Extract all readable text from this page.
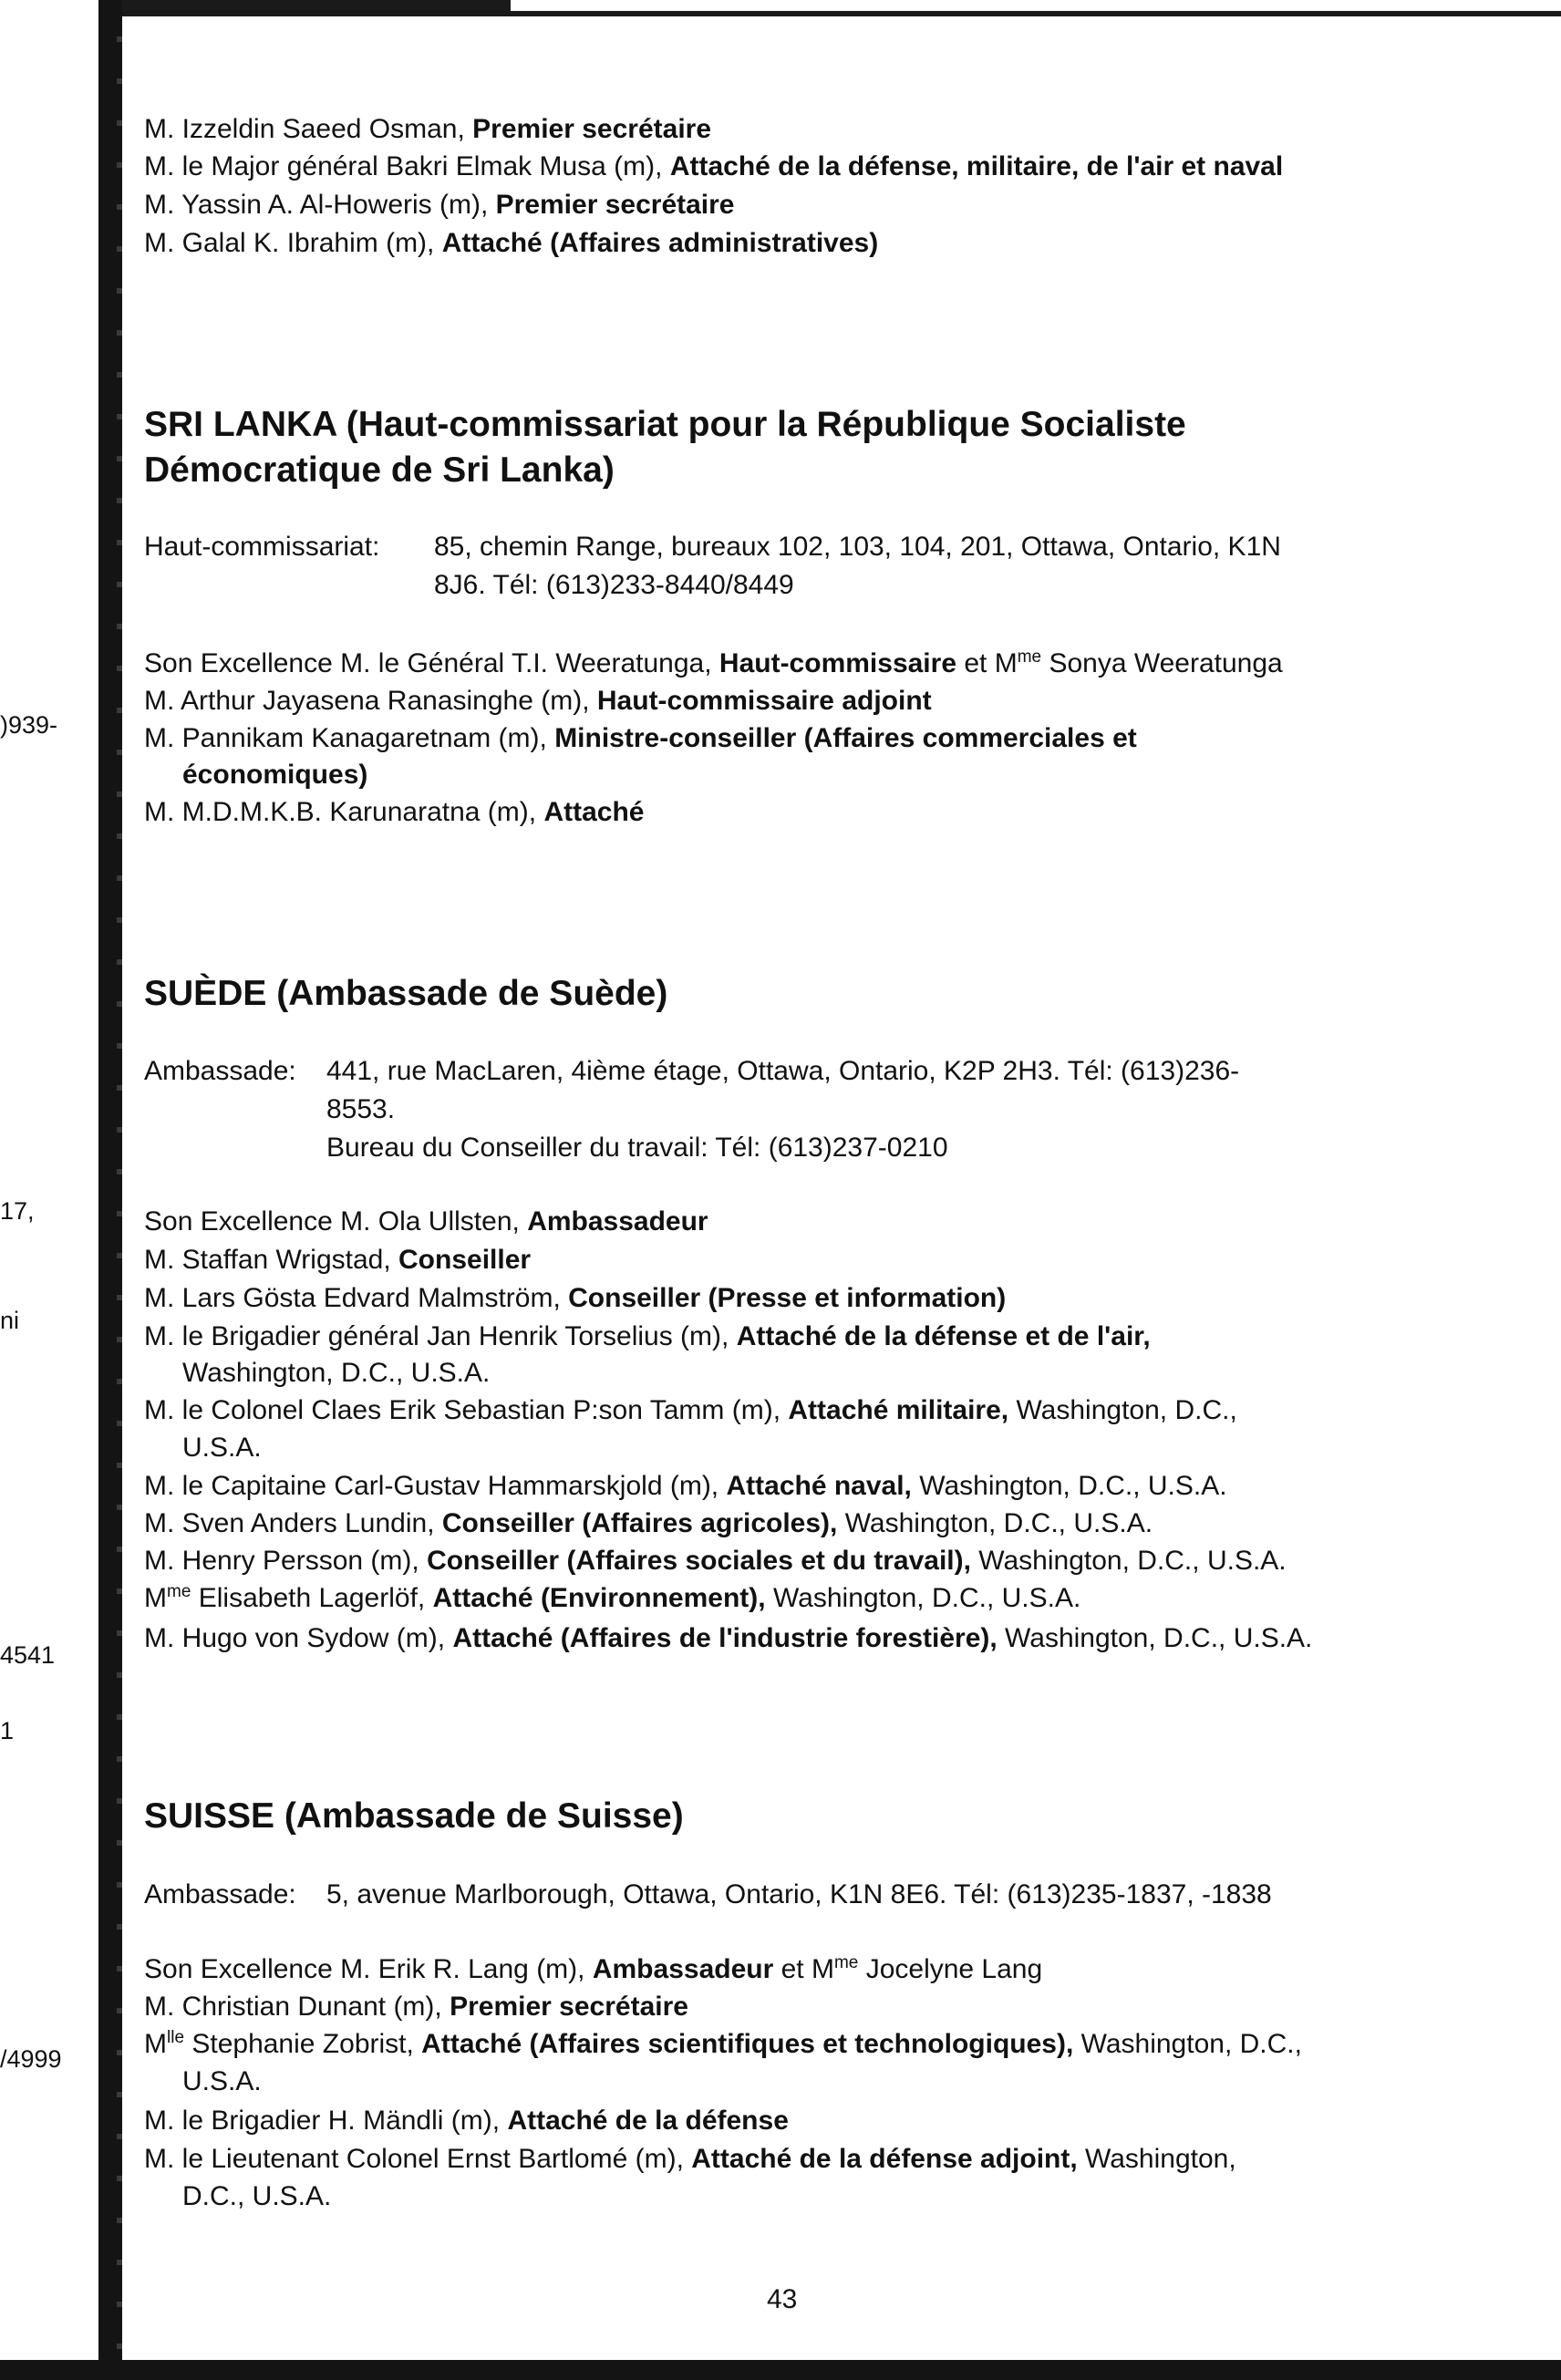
)939-
17,
ni
4541
1
/4999
M. Izzeldin Saeed Osman, Premier secrétaire
M. le Major général Bakri Elmak Musa (m), Attaché de la défense, militaire, de l'air et naval
M. Yassin A. Al-Howeris (m), Premier secrétaire
M. Galal K. Ibrahim (m), Attaché (Affaires administratives)
SRI LANKA (Haut-commissariat pour la République Socialiste
Démocratique de Sri Lanka)
Haut-commissariat: 85, chemin Range, bureaux 102, 103, 104, 201, Ottawa, Ontario, K1N
8J6. Tél: (613)233-8440/8449
Son Excellence M. le Général T.I. Weeratunga, Haut-commissaire et $M^{me}$ Sonya Weeratunga
M. Arthur Jayasena Ranasinghe (m), Haut-commissaire adjoint
M. Pannikam Kanagaretnam (m), Ministre-conseiller (Affaires commerciales et
économiques)
M. M.D.M.K.B. Karunaratna (m), Attaché
SUÈDE (Ambassade de Suède)
Ambassade: 441, rue MacLaren, 4ième étage, Ottawa, Ontario, K2P 2H3. Tél: (613)236-
8553.
Bureau du Conseiller du travail: Tél: (613)237-0210
Son Excellence M. Ola Ullsten, Ambassadeur
M. Staffan Wrigstad, Conseiller
M. Lars Gösta Edvard Malmström, Conseiller (Presse et information)
M. le Brigadier général Jan Henrik Torselius (m), Attaché de la défense et de l'air,
Washington, D.C., U.S.A.
M. le Colonel Claes Erik Sebastian P:son Tamm (m), Attaché militaire, Washington, D.C.,
U.S.A.
M. le Capitaine Carl-Gustav Hammarskjold (m), Attaché naval, Washington, D.C., U.S.A.
M. Sven Anders Lundin, Conseiller (Affaires agricoles), Washington, D.C., U.S.A.
M. Henry Persson (m), Conseiller (Affaires sociales et du travail), Washington, D.C., U.S.A.
$M^{me}$ Elisabeth Lagerlöf, Attaché (Environnement), Washington, D.C., U.S.A.
M. Hugo von Sydow (m), Attaché (Affaires de l'industrie forestière), Washington, D.C., U.S.A.
SUISSE (Ambassade de Suisse)
Ambassade: 5, avenue Marlborough, Ottawa, Ontario, K1N 8E6. Tél: (613)235-1837, -1838
Son Excellence M. Erik R. Lang (m), Ambassadeur et $M^{me}$ Jocelyne Lang
M. Christian Dunant (m), Premier secrétaire
$M^{lle}$ Stephanie Zobrist, Attaché (Affaires scientifiques et technologiques), Washington, D.C.,
U.S.A.
M. le Brigadier H. Mändli (m), Attaché de la défense
M. le Lieutenant Colonel Ernst Bartlomé (m), Attaché de la défense adjoint, Washington,
D.C., U.S.A.
43
